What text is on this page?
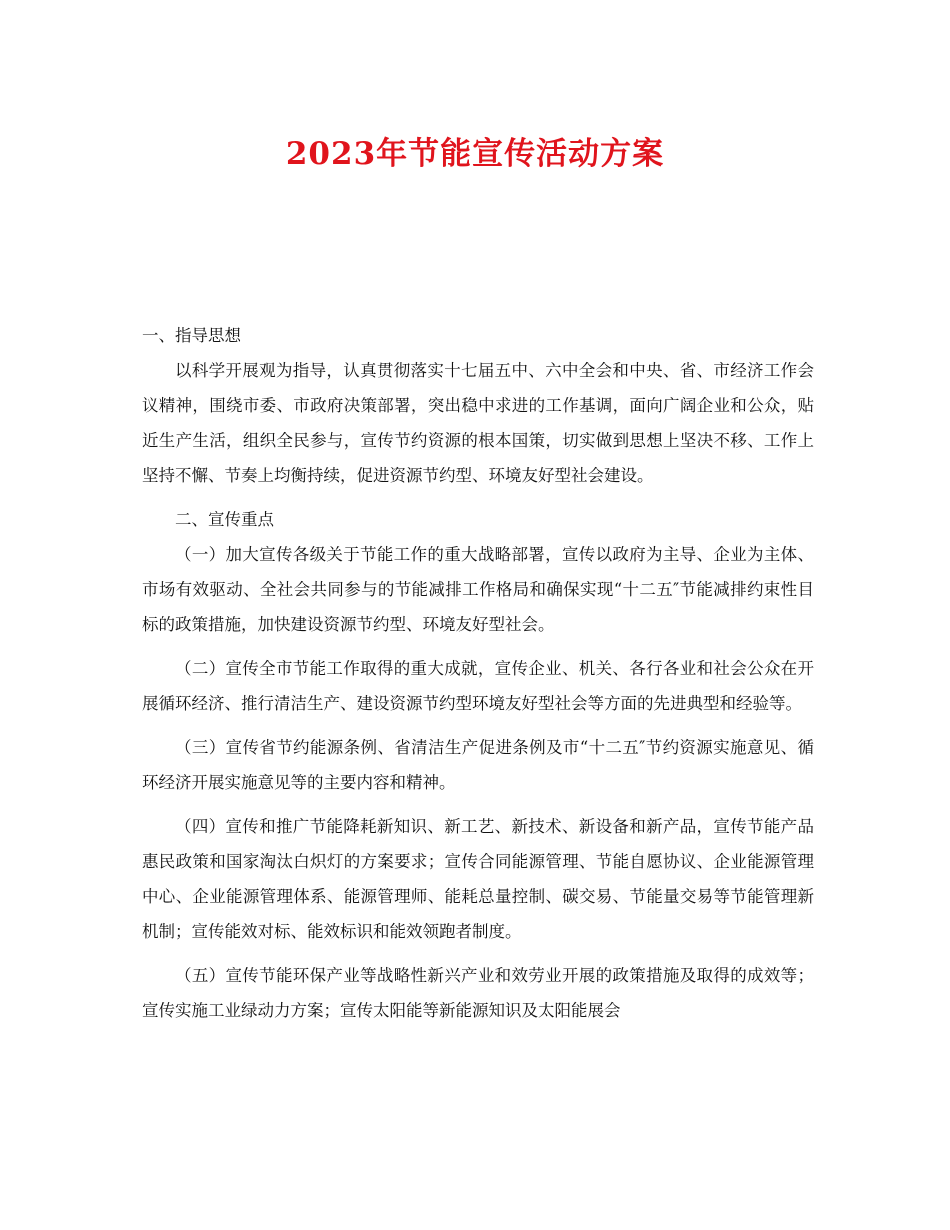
2023年节能宣传活动方案

一、指导思想

以科学开展观为指导，认真贯彻落实十七届五中、六中全会和中央、省、市经济工作会议精神，围绕市委、市政府决策部署，突出稳中求进的工作基调，面向广阔企业和公众，贴近生产生活，组织全民参与，宣传节约资源的根本国策，切实做到思想上坚决不移、工作上坚持不懈、节奏上均衡持续，促进资源节约型、环境友好型社会建设。

二、宣传重点

（一）加大宣传各级关于节能工作的重大战略部署，宣传以政府为主导、企业为主体、市场有效驱动、全社会共同参与的节能减排工作格局和确保实现“十二五″节能减排约束性目标的政策措施，加快建设资源节约型、环境友好型社会。

（二）宣传全市节能工作取得的重大成就，宣传企业、机关、各行各业和社会公众在开展循环经济、推行清洁生产、建设资源节约型环境友好型社会等方面的先进典型和经验等。

（三）宣传省节约能源条例、省清洁生产促进条例及市“十二五″节约资源实施意见、循环经济开展实施意见等的主要内容和精神。

（四）宣传和推广节能降耗新知识、新工艺、新技术、新设备和新产品，宣传节能产品惠民政策和国家淘汰白炽灯的方案要求；宣传合同能源管理、节能自愿协议、企业能源管理中心、企业能源管理体系、能源管理师、能耗总量控制、碳交易、节能量交易等节能管理新机制；宣传能效对标、能效标识和能效领跑者制度。

（五）宣传节能环保产业等战略性新兴产业和效劳业开展的政策措施及取得的成效等；宣传实施工业绿动力方案；宣传太阳能等新能源知识及太阳能展会
